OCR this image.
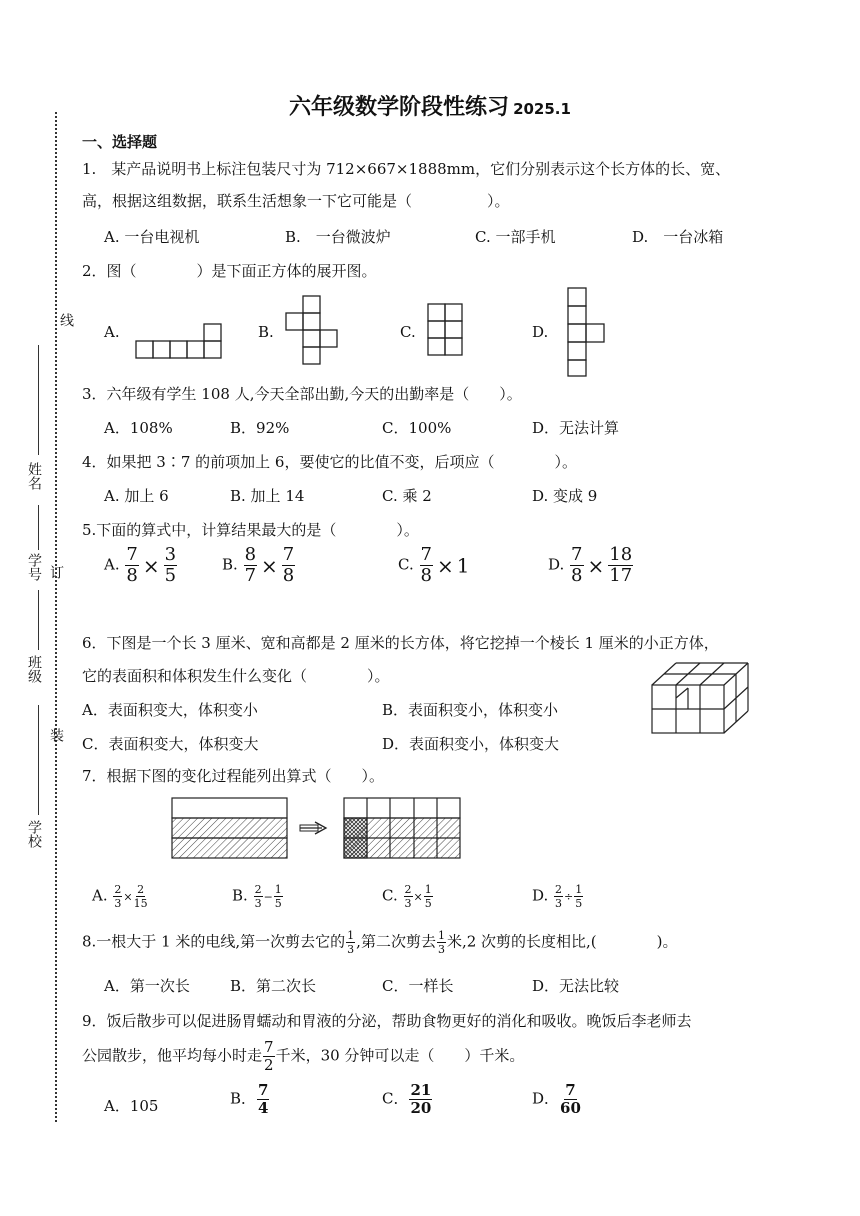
六年级数学阶段性练习 2025.1
线
订
装
姓名
学号
班级
学校
一、选择题
1.　某产品说明书上标注包装尺寸为 712×667×1888mm，它们分别表示这个长方体的长、宽、
高，根据这组数据，联系生活想象一下它可能是（　　　　　）。
A. 一台电视机	B.　一台微波炉	C. 一部手机	D.　一台冰箱
2．图（　　　　）是下面正方体的展开图。
A.	B.	C.	D.
3．六年级有学生 108 人,今天全部出勤,今天的出勤率是（　　）。
A．108%	B．92%	C．100%	D．无法计算
4．如果把 3∶7 的前项加上 6，要使它的比值不变，后项应（　　　　）。
A. 加上 6	B. 加上 14	C. 乘 2	D. 变成 9
5.下面的算式中，计算结果最大的是（　　　　）。
A. $\frac{7}{8} \times \frac{3}{5}$	B. $\frac{8}{7} \times \frac{7}{8}$	C. $\frac{7}{8} \times 1$	D. $\frac{7}{8} \times \frac{18}{17}$
6．下图是一个长 3 厘米、宽和高都是 2 厘米的长方体，将它挖掉一个棱长 1 厘米的小正方体，
它的表面积和体积发生什么变化（　　　　）。
A．表面积变大，体积变小	B．表面积变小，体积变小
C．表面积变大，体积变大	D．表面积变小，体积变大
7．根据下图的变化过程能列出算式（　　）。
A. $\frac{2}{3} \times \frac{2}{15}$	B. $\frac{2}{3} - \frac{1}{5}$	C. $\frac{2}{3} \times \frac{1}{5}$	D. $\frac{2}{3} \div \frac{1}{5}$
8.一根大于 1 米的电线,第一次剪去它的 $\frac{1}{3}$ ,第二次剪去 $\frac{1}{3}$ 米,2 次剪的长度相比,(　　　　)。
A．第一次长	B．第二次长	C．一样长	D．无法比较
9．饭后散步可以促进肠胃蠕动和胃液的分泌，帮助食物更好的消化和吸收。晚饭后李老师去
公园散步，他平均每小时走 $\frac{7}{2}$ 千米，30 分钟可以走（　　）千米。
A．105	B． $\frac{7}{4}$	C． $\frac{21}{20}$	D． $\frac{7}{60}$
